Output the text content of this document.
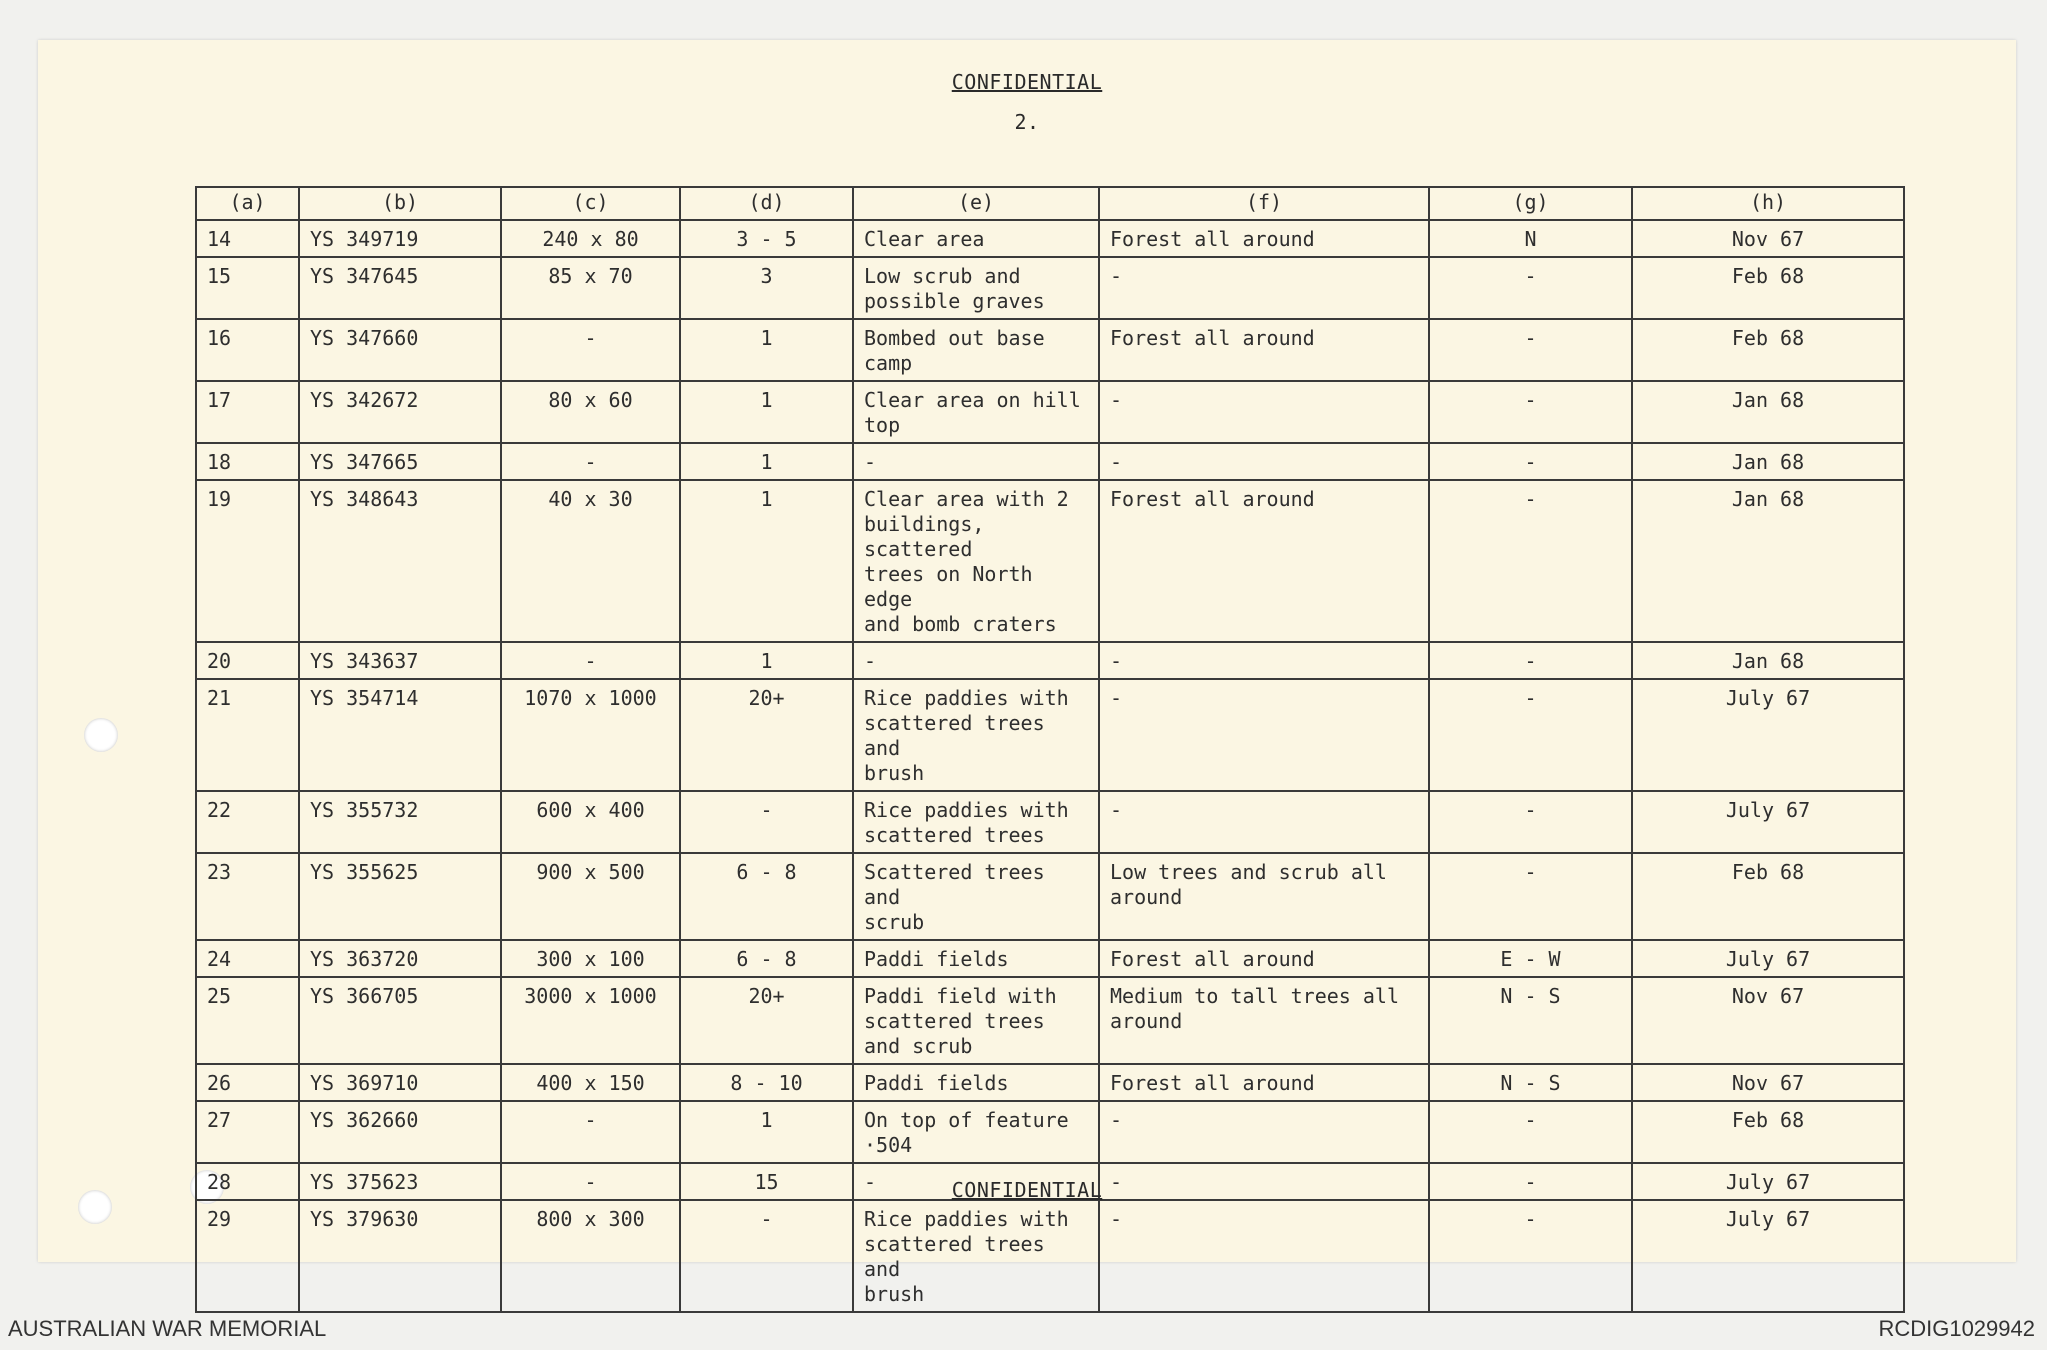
CONFIDENTIAL
2.
(a)	(b)	(c)	(d)	(e)	(f)	(g)	(h)
14	YS 349719	240 x 80	3 - 5	Clear area	Forest all around	N	Nov 67
15	YS 347645	85 x 70	3	Low scrub and
possible graves	-	-	Feb 68
16	YS 347660	-	1	Bombed out base
camp	Forest all around	-	Feb 68
17	YS 342672	80 x 60	1	Clear area on hill
top	-	-	Jan 68
18	YS 347665	-	1	-	-	-	Jan 68
19	YS 348643	40 x 30	1	Clear area with 2
buildings, scattered
trees on North edge
and bomb craters	Forest all around	-	Jan 68
20	YS 343637	-	1	-	-	-	Jan 68
21	YS 354714	1070 x 1000	20+	Rice paddies with
scattered trees and
brush	-	-	July 67
22	YS 355732	600 x 400	-	Rice paddies with
scattered trees	-	-	July 67
23	YS 355625	900 x 500	6 - 8	Scattered trees and
scrub	Low trees and scrub all
around	-	Feb 68
24	YS 363720	300 x 100	6 - 8	Paddi fields	Forest all around	E - W	July 67
25	YS 366705	3000 x 1000	20+	Paddi field with
scattered trees
and scrub	Medium to tall trees all
around	N - S	Nov 67
26	YS 369710	400 x 150	8 - 10	Paddi fields	Forest all around	N - S	Nov 67
27	YS 362660	-	1	On top of feature
·504	-	-	Feb 68
28	YS 375623	-	15	-	-	-	July 67
29	YS 379630	800 x 300	-	Rice paddies with
scattered trees and
brush	-	-	July 67
CONFIDENTIAL
AUSTRALIAN WAR MEMORIAL	RCDIG1029942
